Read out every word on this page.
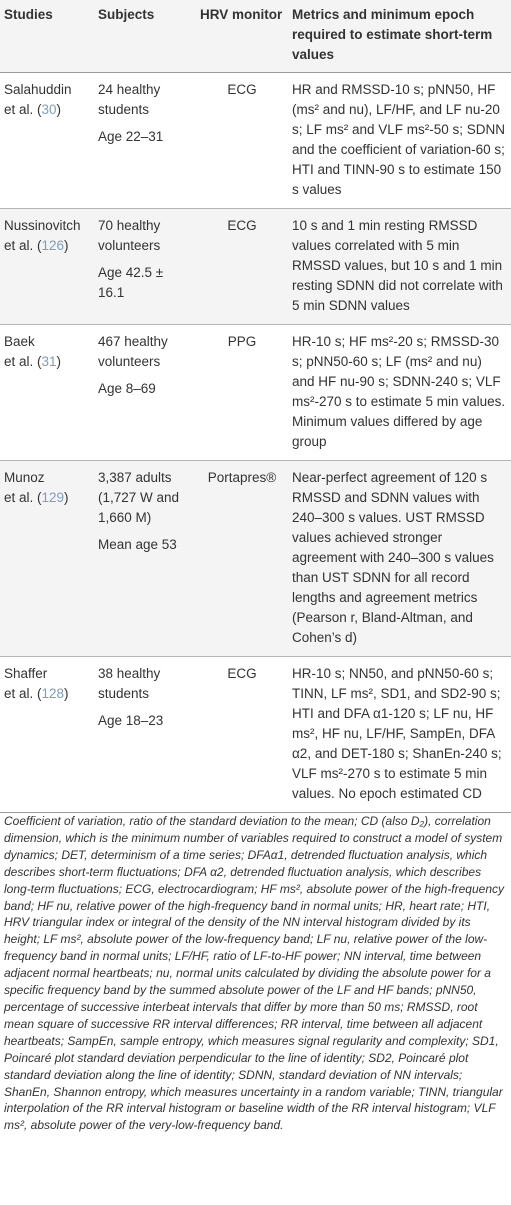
Studies	Subjects	HRV monitor	Metrics and minimum epoch required to estimate short-term values

Salahuddin
et al. (30)	24 healthy students
Age 22–31	ECG	HR and RMSSD-10 s; pNN50, HF (ms² and nu), LF/HF, and LF nu-20 s; LF ms² and VLF ms²-50 s; SDNN and the coefficient of variation-60 s; HTI and TINN-90 s to estimate 150 s values

Nussinovitch
et al. (126)	70 healthy volunteers
Age 42.5 ± 16.1	ECG	10 s and 1 min resting RMSSD values correlated with 5 min RMSSD values, but 10 s and 1 min resting SDNN did not correlate with 5 min SDNN values

Baek
et al. (31)	467 healthy volunteers
Age 8–69	PPG	HR-10 s; HF ms²-20 s; RMSSD-30 s; pNN50-60 s; LF (ms² and nu) and HF nu-90 s; SDNN-240 s; VLF ms²-270 s to estimate 5 min values. Minimum values differed by age group

Munoz
et al. (129)	3,387 adults (1,727 W and 1,660 M)
Mean age 53	Portapres®	Near-perfect agreement of 120 s RMSSD and SDNN values with 240–300 s values. UST RMSSD values achieved stronger agreement with 240–300 s values than UST SDNN for all record lengths and agreement metrics (Pearson r, Bland-Altman, and Cohen’s d)

Shaffer
et al. (128)	38 healthy students
Age 18–23	ECG	HR-10 s; NN50, and pNN50-60 s; TINN, LF ms², SD1, and SD2-90 s; HTI and DFA α1-120 s; LF nu, HF ms², HF nu, LF/HF, SampEn, DFA α2, and DET-180 s; ShanEn-240 s; VLF ms²-270 s to estimate 5 min values. No epoch estimated CD
Coefficient of variation, ratio of the standard deviation to the mean; CD (also D₂), correlation dimension, which is the minimum number of variables required to construct a model of system dynamics; DET, determinism of a time series; DFAα1, detrended fluctuation analysis, which describes short-term fluctuations; DFA α2, detrended fluctuation analysis, which describes long-term fluctuations; ECG, electrocardiogram; HF ms², absolute power of the high-frequency band; HF nu, relative power of the high-frequency band in normal units; HR, heart rate; HTI, HRV triangular index or integral of the density of the NN interval histogram divided by its height; LF ms², absolute power of the low-frequency band; LF nu, relative power of the low-frequency band in normal units; LF/HF, ratio of LF-to-HF power; NN interval, time between adjacent normal heartbeats; nu, normal units calculated by dividing the absolute power for a specific frequency band by the summed absolute power of the LF and HF bands; pNN50, percentage of successive interbeat intervals that differ by more than 50 ms; RMSSD, root mean square of successive RR interval differences; RR interval, time between all adjacent heartbeats; SampEn, sample entropy, which measures signal regularity and complexity; SD1, Poincaré plot standard deviation perpendicular to the line of identity; SD2, Poincaré plot standard deviation along the line of identity; SDNN, standard deviation of NN intervals; ShanEn, Shannon entropy, which measures uncertainty in a random variable; TINN, triangular interpolation of the RR interval histogram or baseline width of the RR interval histogram; VLF ms², absolute power of the very-low-frequency band.
